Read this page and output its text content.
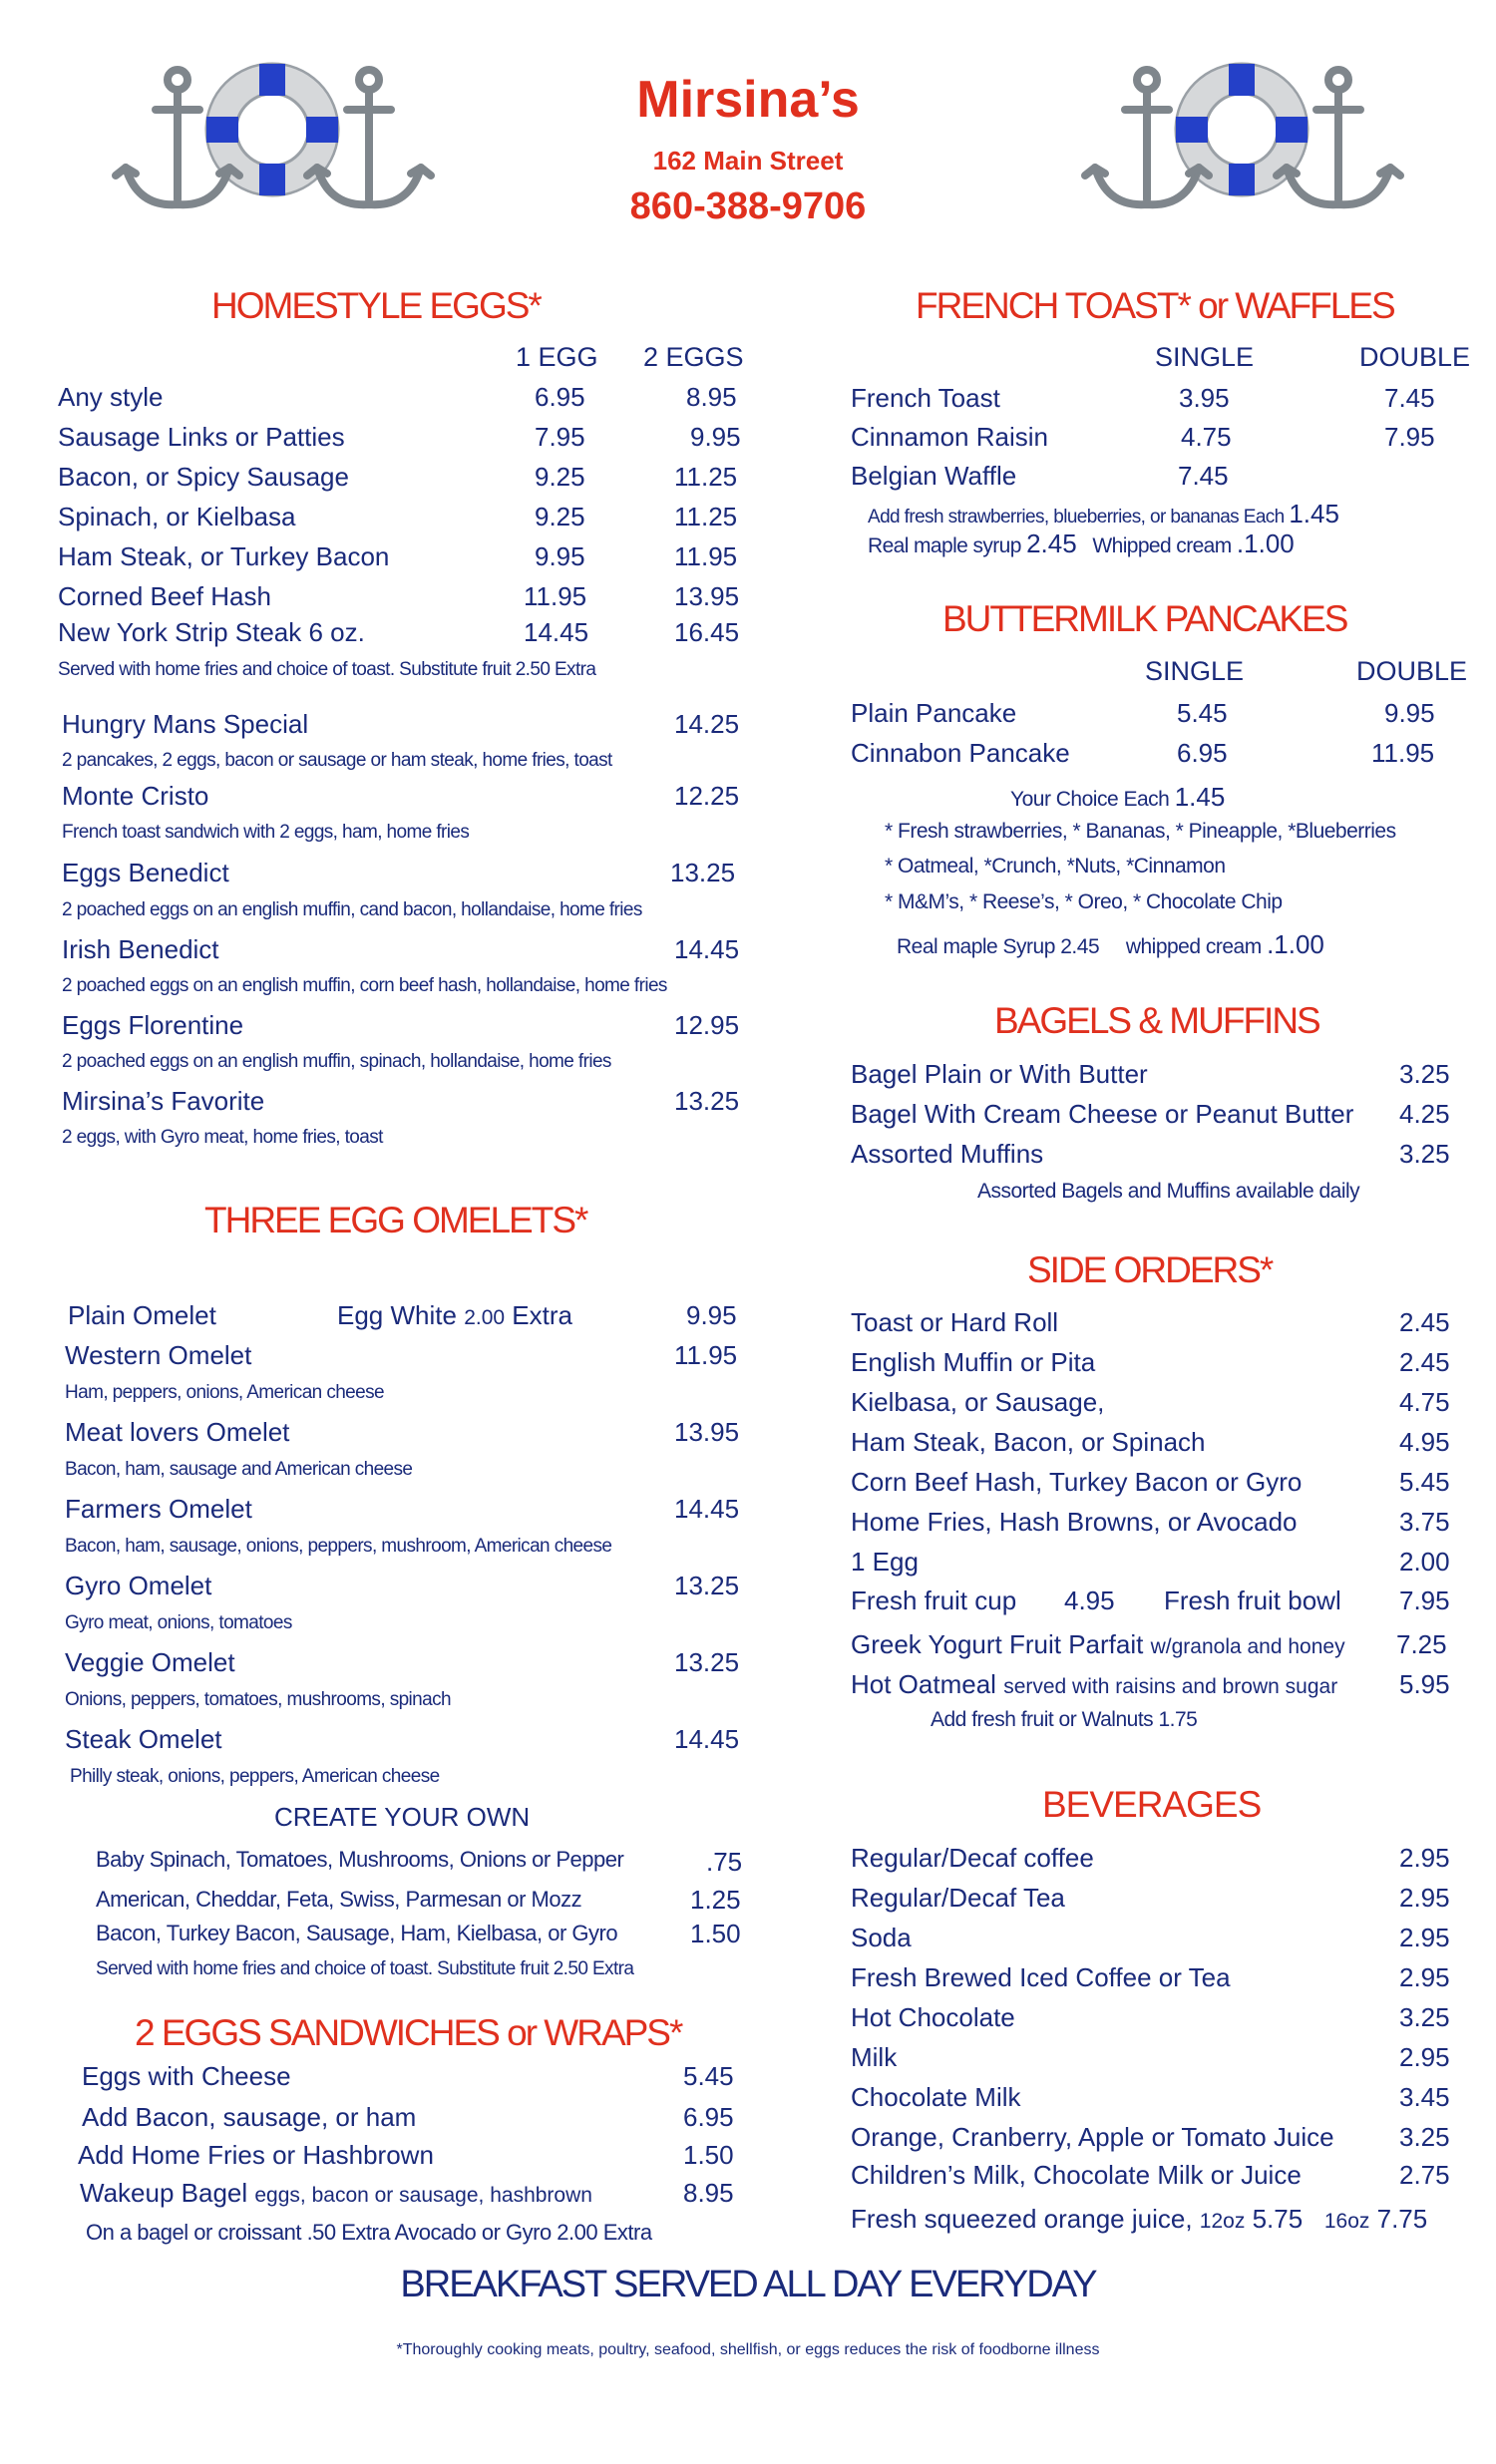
Mirsina’s
162 Main Street
860-388-9706
HOMESTYLE EGGS*
1 EGG 2 EGGS
Any style	6.95	8.95
Sausage Links or Patties	7.95	9.95
Bacon, or Spicy Sausage	9.25	11.25
Spinach, or Kielbasa	9.25	11.25
Ham Steak, or Turkey Bacon	9.95	11.95
Corned Beef Hash	11.95	13.95
New York Strip Steak 6 oz.	14.45	16.45
Served with home fries and choice of toast. Substitute fruit 2.50 Extra
Hungry Mans Special	14.25
2 pancakes, 2 eggs, bacon or sausage or ham steak, home fries, toast
Monte Cristo	12.25
French toast sandwich with 2 eggs, ham, home fries
Eggs Benedict	13.25
2 poached eggs on an english muffin, cand bacon, hollandaise, home fries
Irish Benedict	14.45
2 poached eggs on an english muffin, corn beef hash, hollandaise, home fries
Eggs Florentine	12.95
2 poached eggs on an english muffin, spinach, hollandaise, home fries
Mirsina’s Favorite	13.25
2 eggs, with Gyro meat, home fries, toast
THREE EGG OMELETS*
Plain Omelet	Egg White 2.00 Extra	9.95
Western Omelet	11.95
Ham, peppers, onions, American cheese
Meat lovers Omelet	13.95
Bacon, ham, sausage and American cheese
Farmers Omelet	14.45
Bacon, ham, sausage, onions, peppers, mushroom, American cheese
Gyro Omelet	13.25
Gyro meat, onions, tomatoes
Veggie Omelet	13.25
Onions, peppers, tomatoes, mushrooms, spinach
Steak Omelet	14.45
Philly steak, onions, peppers, American cheese
CREATE YOUR OWN
Baby Spinach, Tomatoes, Mushrooms, Onions or Pepper	.75
American, Cheddar, Feta, Swiss, Parmesan or Mozz	1.25
Bacon, Turkey Bacon, Sausage, Ham, Kielbasa, or Gyro	1.50
Served with home fries and choice of toast. Substitute fruit 2.50 Extra
2 EGGS SANDWICHES or WRAPS*
Eggs with Cheese	5.45
Add Bacon, sausage, or ham	6.95
Add Home Fries or Hashbrown	1.50
Wakeup Bagel eggs, bacon or sausage, hashbrown	8.95
On a bagel or croissant .50 Extra Avocado or Gyro 2.00 Extra
FRENCH TOAST* or WAFFLES
SINGLE	DOUBLE
French Toast	3.95	7.45
Cinnamon Raisin	4.75	7.95
Belgian Waffle	7.45
Add fresh strawberries, blueberries, or bananas Each 1.45
Real maple syrup 2.45 Whipped cream .1.00
BUTTERMILK PANCAKES
SINGLE	DOUBLE
Plain Pancake	5.45	9.95
Cinnabon Pancake	6.95	11.95
Your Choice Each 1.45
* Fresh strawberries, * Bananas, * Pineapple, *Blueberries
* Oatmeal, *Crunch, *Nuts, *Cinnamon
* M&M’s, * Reese’s, * Oreo, * Chocolate Chip
Real maple Syrup 2.45 whipped cream .1.00
BAGELS & MUFFINS
Bagel Plain or With Butter	3.25
Bagel With Cream Cheese or Peanut Butter 4.25
Assorted Muffins	3.25
Assorted Bagels and Muffins available daily
SIDE ORDERS*
Toast or Hard Roll	2.45
English Muffin or Pita	2.45
Kielbasa, or Sausage,	4.75
Ham Steak, Bacon, or Spinach	4.95
Corn Beef Hash, Turkey Bacon or Gyro	5.45
Home Fries, Hash Browns, or Avocado	3.75
1 Egg	2.00
Fresh fruit cup 4.95 Fresh fruit bowl 7.95
Greek Yogurt Fruit Parfait w/granola and honey 7.25
Hot Oatmeal served with raisins and brown sugar 5.95
Add fresh fruit or Walnuts 1.75
BEVERAGES
Regular/Decaf coffee	2.95
Regular/Decaf Tea	2.95
Soda	2.95
Fresh Brewed Iced Coffee or Tea	2.95
Hot Chocolate	3.25
Milk	2.95
Chocolate Milk	3.45
Orange, Cranberry, Apple or Tomato Juice	3.25
Children’s Milk, Chocolate Milk or Juice	2.75
Fresh squeezed orange juice, 12oz 5.75 16oz 7.75
BREAKFAST SERVED ALL DAY EVERYDAY
*Thoroughly cooking meats, poultry, seafood, shellfish, or eggs reduces the risk of foodborne illness
